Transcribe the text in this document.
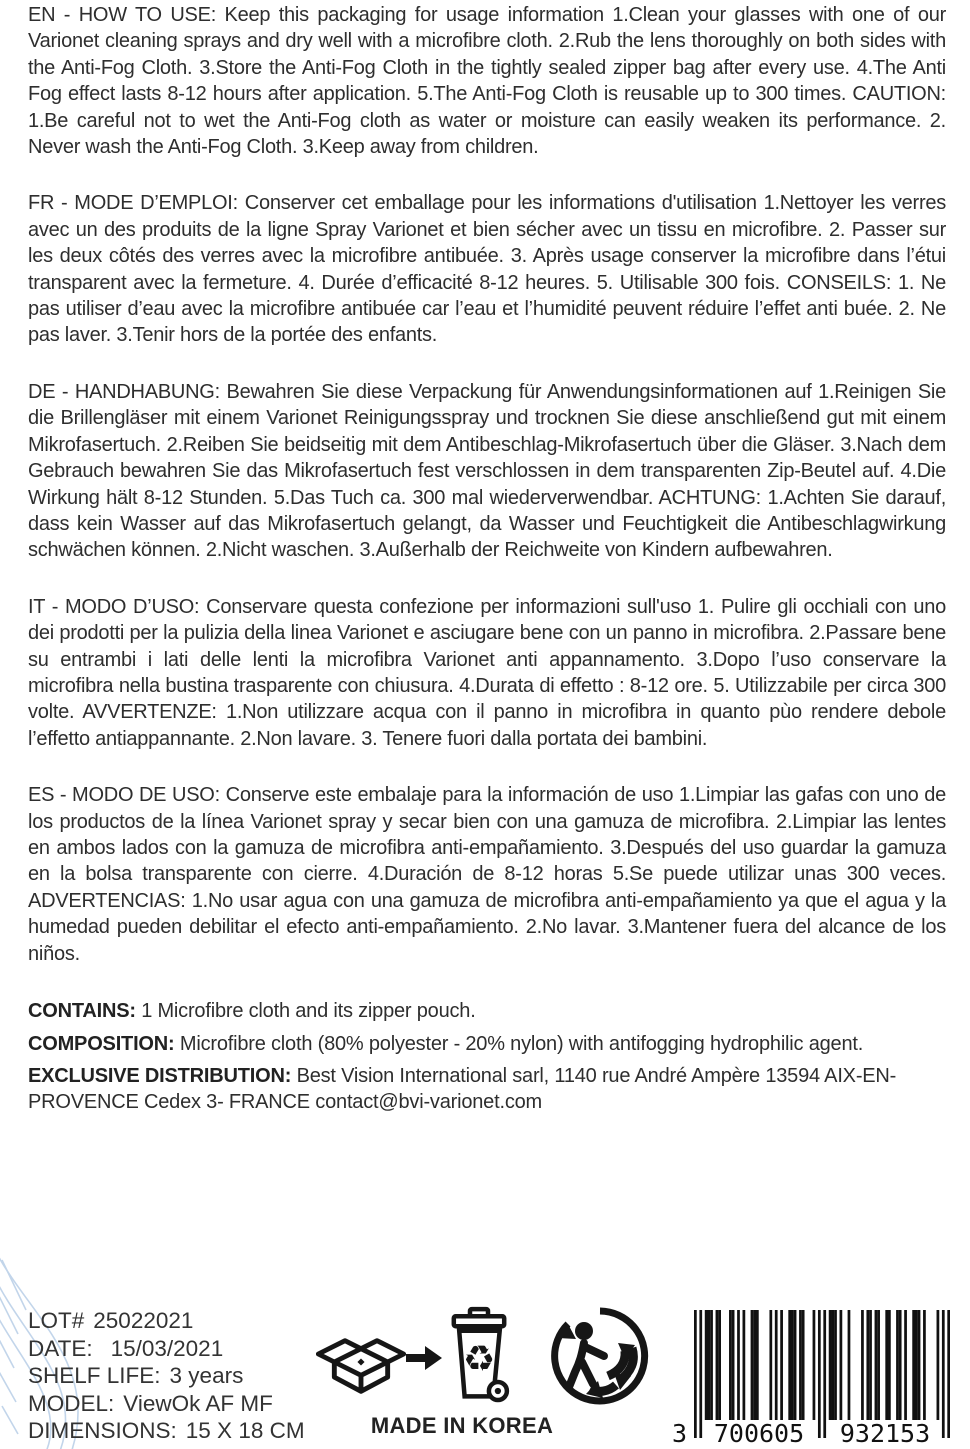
EN - HOW TO USE: Keep this packaging for usage information 1.Clean your glasses with one of our Varionet cleaning sprays and dry well with a microfibre cloth. 2.Rub the lens thoroughly on both sides with the Anti-Fog Cloth. 3.Store the Anti-Fog Cloth in the tightly sealed zipper bag after every use. 4.The Anti Fog effect lasts 8-12 hours after application. 5.The Anti-Fog Cloth is reusable up to 300 times. CAUTION: 1.Be careful not to wet the Anti-Fog cloth as water or moisture can easily weaken its performance. 2. Never wash the Anti-Fog Cloth. 3.Keep away from children.

FR - MODE D’EMPLOI: Conserver cet emballage pour les informations d'utilisation 1.Nettoyer les verres avec un des produits de la ligne Spray Varionet et bien sécher avec un tissu en microfibre. 2. Passer sur les deux côtés des verres avec la microfibre antibuée. 3. Après usage conserver la microfibre dans l’étui transparent avec la fermeture. 4. Durée d’efficacité 8-12 heures. 5. Utilisable 300 fois. CONSEILS: 1. Ne pas utiliser d’eau avec la microfibre antibuée car l’eau et l’humidité peuvent réduire l’effet anti buée. 2. Ne pas laver. 3.Tenir hors de la portée des enfants.

DE - HANDHABUNG: Bewahren Sie diese Verpackung für Anwendungsinformationen auf 1.Reinigen Sie die Brillengläser mit einem Varionet Reinigungsspray und trocknen Sie diese anschließend gut mit einem Mikrofasertuch. 2.Reiben Sie beidseitig mit dem Antibeschlag-Mikrofasertuch über die Gläser. 3.Nach dem Gebrauch bewahren Sie das Mikrofasertuch fest verschlossen in dem transparenten Zip-Beutel auf. 4.Die Wirkung hält 8-12 Stunden. 5.Das Tuch ca. 300 mal wiederverwendbar. ACHTUNG: 1.Achten Sie darauf, dass kein Wasser auf das Mikrofasertuch gelangt, da Wasser und Feuchtigkeit die Antibeschlagwirkung schwächen können. 2.Nicht waschen. 3.Außerhalb der Reichweite von Kindern aufbewahren.

IT - MODO D’USO: Conservare questa confezione per informazioni sull'uso 1. Pulire gli occhiali con uno dei prodotti per la pulizia della linea Varionet e asciugare bene con un panno in microfibra. 2.Passare bene su entrambi i lati delle lenti la microfibra Varionet anti appannamento. 3.Dopo l’uso conservare la microfibra nella bustina trasparente con chiusura. 4.Durata di effetto : 8-12 ore. 5. Utilizzabile per circa 300 volte. AVVERTENZE: 1.Non utilizzare acqua con il panno in microfibra in quanto pùo rendere debole l’effetto antiappannante. 2.Non lavare. 3. Tenere fuori dalla portata dei bambini.

ES - MODO DE USO: Conserve este embalaje para la información de uso 1.Limpiar las gafas con uno de los productos de la línea Varionet spray y secar bien con una gamuza de microfibra. 2.Limpiar las lentes en ambos lados con la gamuza de microfibra anti-empañamiento. 3.Después del uso guardar la gamuza en la bolsa transparente con cierre. 4.Duración de 8-12 horas 5.Se puede utilizar unas 300 veces. ADVERTENCIAS: 1.No usar agua con una gamuza de microfibra anti-empañamiento ya que el agua y la humedad pueden debilitar el efecto anti-empañamiento. 2.No lavar. 3.Mantener fuera del alcance de los niños.

CONTAINS: 1 Microfibre cloth and its zipper pouch.

COMPOSITION: Microfibre cloth (80% polyester - 20% nylon) with antifogging hydrophilic agent.

EXCLUSIVE DISTRIBUTION: Best Vision International sarl, 1140 rue André Ampère 13594 AIX-EN-PROVENCE Cedex 3- FRANCE contact@bvi-varionet.com

LOT# 25022021
DATE: 15/03/2021
SHELF LIFE: 3 years
MODEL: ViewOk AF MF
DIMENSIONS: 15 X 18 CM
♻
MADE IN KOREA	3	700605	932153
